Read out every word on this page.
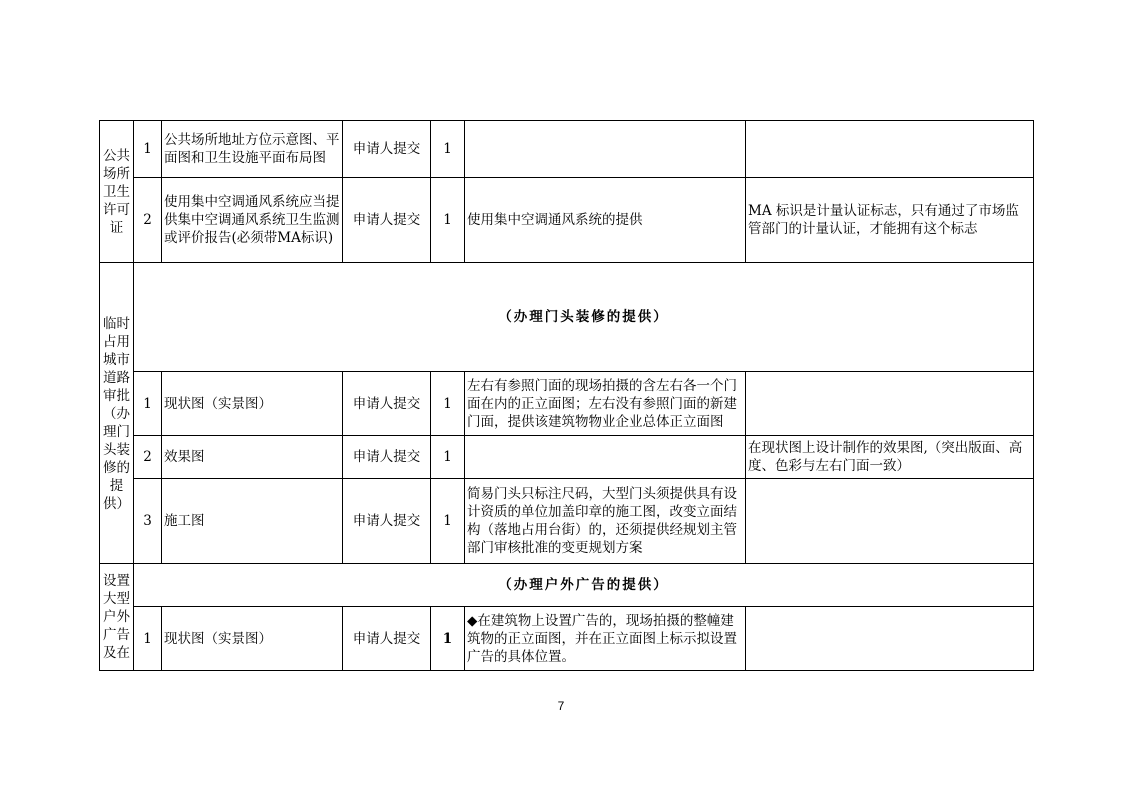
公共场所卫生许可证	1	公共场所地址方位示意图、平面图和卫生设施平面布局图	申请人提交	1		
	2	使用集中空调通风系统应当提供集中空调通风系统卫生监测或评价报告(必须带MA标识)	申请人提交	1	使用集中空调通风系统的提供	MA 标识是计量认证标志，只有通过了市场监管部门的计量认证，才能拥有这个标志
临时占用城市道路审批（办理门头装修的提供）	（办理门头装修的提供）					
	1	现状图（实景图）	申请人提交	1	左右有参照门面的现场拍摄的含左右各一个门面在内的正立面图；左右没有参照门面的新建门面，提供该建筑物物业企业总体正立面图	
	2	效果图	申请人提交	1		在现状图上设计制作的效果图,（突出版面、高度、色彩与左右门面一致）
	3	施工图	申请人提交	1	简易门头只标注尺码，大型门头须提供具有设计资质的单位加盖印章的施工图，改变立面结构（落地占用台街）的，还须提供经规划主管部门审核批准的变更规划方案	
设置大型户外广告及在	（办理户外广告的提供）					
	1	现状图（实景图）	申请人提交	1	◆在建筑物上设置广告的，现场拍摄的整幢建筑物的正立面图，并在正立面图上标示拟设置广告的具体位置。	
7
